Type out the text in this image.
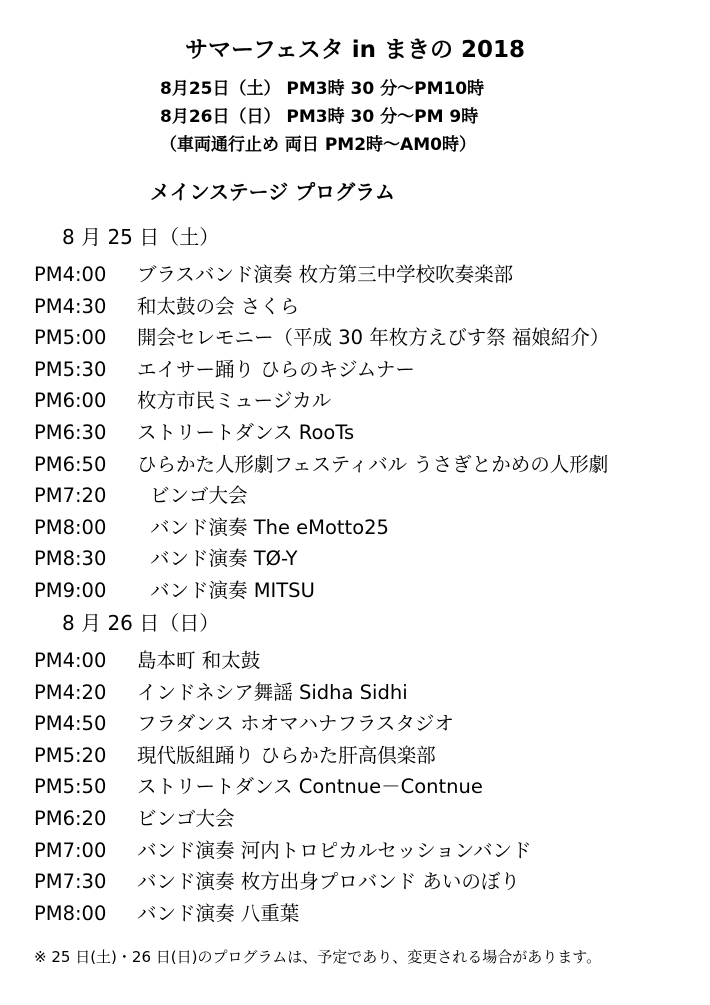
サマーフェスタ in まきの 2018
8月25日（土） PM3時 30 分～PM10時
8月26日（日） PM3時 30 分～PM 9時
（車両通行止め 両日 PM2時～AM0時）
メインステージ プログラム
8 月 25 日（土）
PM4:00 ブラスバンド演奏 枚方第三中学校吹奏楽部
PM4:30 和太鼓の会 さくら
PM5:00 開会セレモニー（平成 30 年枚方えびす祭 福娘紹介）
PM5:30 エイサー踊り ひらのキジムナー
PM6:00 枚方市民ミュージカル
PM6:30 ストリートダンス RooTs
PM6:50 ひらかた人形劇フェスティバル うさぎとかめの人形劇
PM7:20 ビンゴ大会
PM8:00 バンド演奏 The eMotto25
PM8:30 バンド演奏 TØ-Y
PM9:00 バンド演奏 MITSU
8 月 26 日（日）
PM4:00 島本町 和太鼓
PM4:20 インドネシア舞謡 Sidha Sidhi
PM4:50 フラダンス ホオマハナフラスタジオ
PM5:20 現代版組踊り ひらかた肝高倶楽部
PM5:50 ストリートダンス Contnue－Contnue
PM6:20 ビンゴ大会
PM7:00 バンド演奏 河内トロピカルセッションバンド
PM7:30 バンド演奏 枚方出身プロバンド あいのぼり
PM8:00 バンド演奏 八重葉
※ 25 日(土)・26 日(日)のプログラムは、予定であり、変更される場合があります。
